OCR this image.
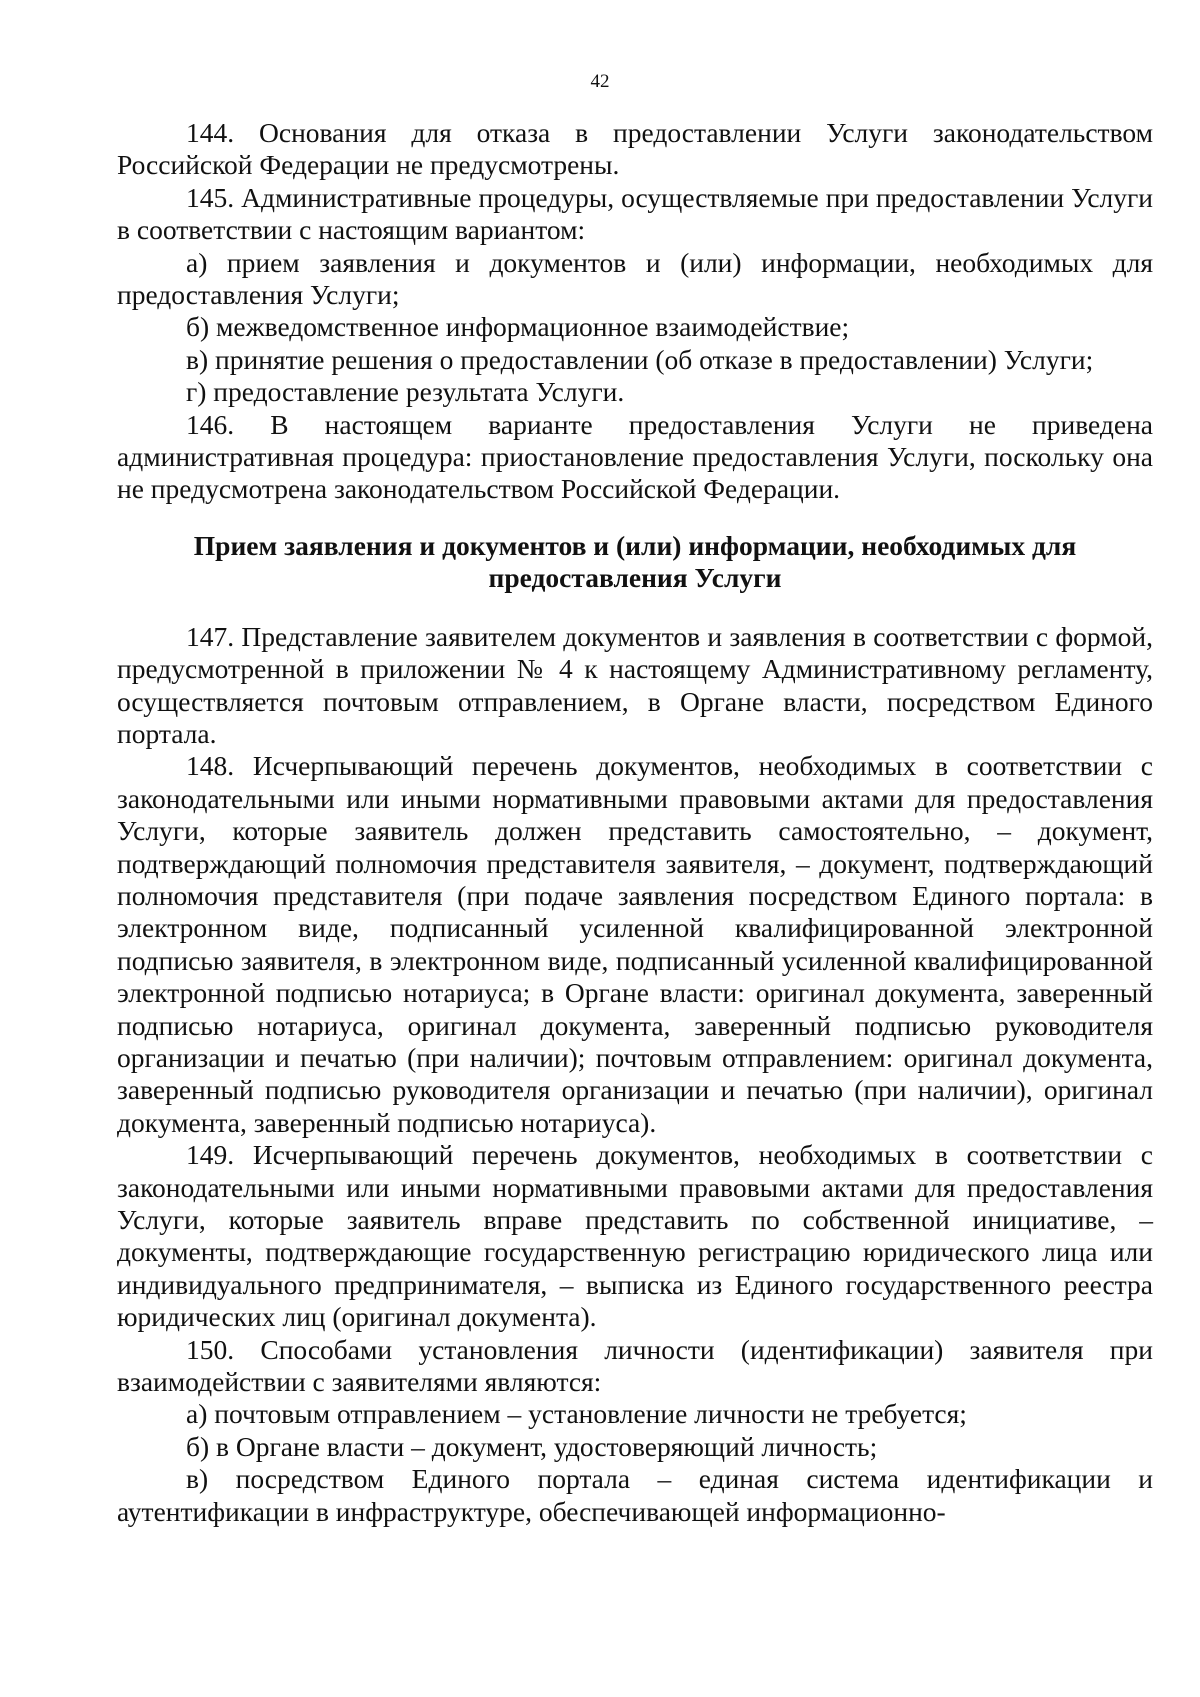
42

144. Основания для отказа в предоставлении Услуги законодательством Российской Федерации не предусмотрены.

145. Административные процедуры, осуществляемые при предоставлении Услуги в соответствии с настоящим вариантом:

а) прием заявления и документов и (или) информации, необходимых для предоставления Услуги;

б) межведомственное информационное взаимодействие;

в) принятие решения о предоставлении (об отказе в предоставлении) Услуги;

г) предоставление результата Услуги.

146. В настоящем варианте предоставления Услуги не приведена административная процедура: приостановление предоставления Услуги, поскольку она не предусмотрена законодательством Российской Федерации.

Прием заявления и документов и (или) информации, необходимых для
предоставления Услуги

147. Представление заявителем документов и заявления в соответствии с формой, предусмотренной в приложении № 4 к настоящему Административному регламенту, осуществляется почтовым отправлением, в Органе власти, посредством Единого портала.

148. Исчерпывающий перечень документов, необходимых в соответствии с законодательными или иными нормативными правовыми актами для предоставления Услуги, которые заявитель должен представить самостоятельно, – документ, подтверждающий полномочия представителя заявителя, – документ, подтверждающий полномочия представителя (при подаче заявления посредством Единого портала: в электронном виде, подписанный усиленной квалифицированной электронной подписью заявителя, в электронном виде, подписанный усиленной квалифицированной электронной подписью нотариуса; в Органе власти: оригинал документа, заверенный подписью нотариуса, оригинал документа, заверенный подписью руководителя организации и печатью (при наличии); почтовым отправлением: оригинал документа, заверенный подписью руководителя организации и печатью (при наличии), оригинал документа, заверенный подписью нотариуса).

149. Исчерпывающий перечень документов, необходимых в соответствии с законодательными или иными нормативными правовыми актами для предоставления Услуги, которые заявитель вправе представить по собственной инициативе, – документы, подтверждающие государственную регистрацию юридического лица или индивидуального предпринимателя, – выписка из Единого государственного реестра юридических лиц (оригинал документа).

150. Способами установления личности (идентификации) заявителя при взаимодействии с заявителями являются:

а) почтовым отправлением – установление личности не требуется;

б) в Органе власти – документ, удостоверяющий личность;

в) посредством Единого портала – единая система идентификации и аутентификации в инфраструктуре, обеспечивающей информационно-
